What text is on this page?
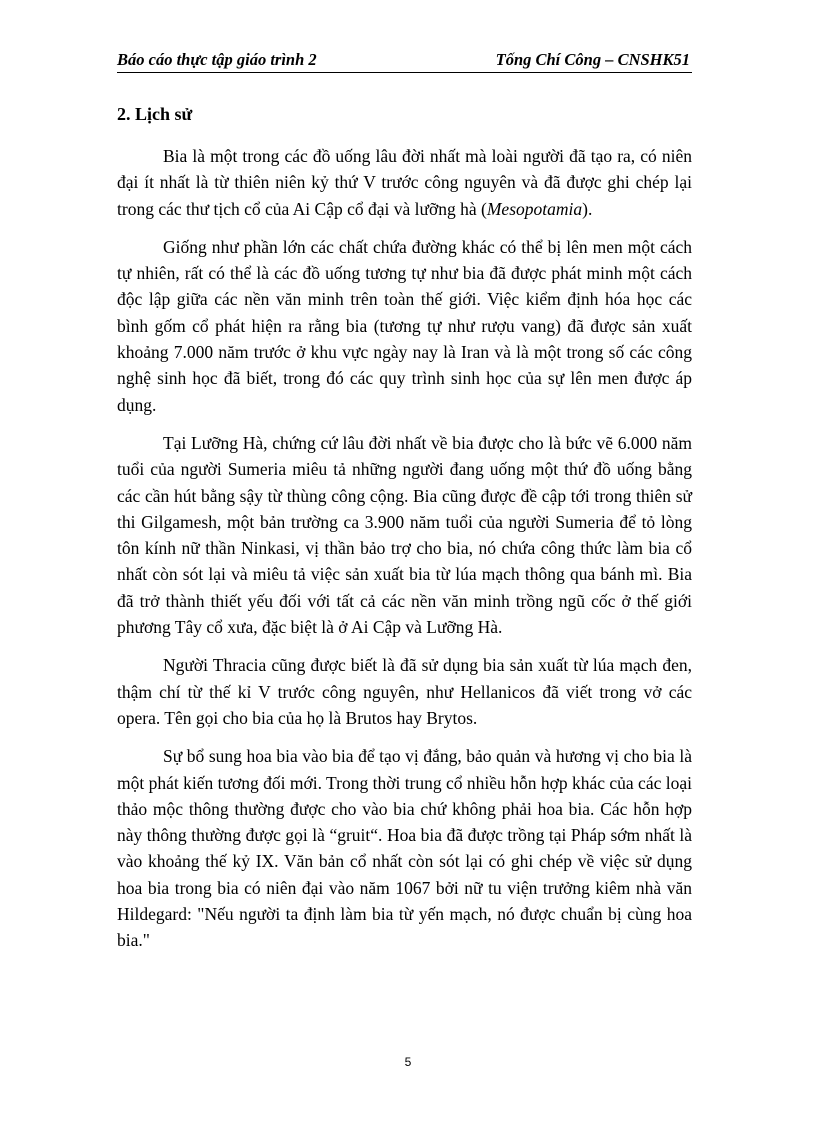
Báo cáo thực tập giáo trình 2	Tống Chí Công – CNSHK51
2. Lịch sử

Bia là một trong các đồ uống lâu đời nhất mà loài người đã tạo ra, có niên đại ít nhất là từ thiên niên kỷ thứ V trước công nguyên và đã được ghi chép lại trong các thư tịch cổ của Ai Cập cổ đại và lưỡng hà (Mesopotamia).

Giống như phần lớn các chất chứa đường khác có thể bị lên men một cách tự nhiên, rất có thể là các đồ uống tương tự như bia đã được phát minh một cách độc lập giữa các nền văn minh trên toàn thế giới. Việc kiểm định hóa học các bình gốm cổ phát hiện ra rằng bia (tương tự như rượu vang) đã được sản xuất khoảng 7.000 năm trước ở khu vực ngày nay là Iran và là một trong số các công nghệ sinh học đã biết, trong đó các quy trình sinh học của sự lên men được áp dụng.

Tại Lưỡng Hà, chứng cứ lâu đời nhất về bia được cho là bức vẽ 6.000 năm tuổi của người Sumeria miêu tả những người đang uống một thứ đồ uống bằng các cần hút bằng sậy từ thùng công cộng. Bia cũng được đề cập tới trong thiên sử thi Gilgamesh, một bản trường ca 3.900 năm tuổi của người Sumeria để tỏ lòng tôn kính nữ thần Ninkasi, vị thần bảo trợ cho bia, nó chứa công thức làm bia cổ nhất còn sót lại và miêu tả việc sản xuất bia từ lúa mạch thông qua bánh mì. Bia đã trở thành thiết yếu đối với tất cả các nền văn minh trồng ngũ cốc ở thế giới phương Tây cổ xưa, đặc biệt là ở Ai Cập và Lưỡng Hà.

Người Thracia cũng được biết là đã sử dụng bia sản xuất từ lúa mạch đen, thậm chí từ thế kỉ V trước công nguyên, như Hellanicos đã viết trong vở các opera. Tên gọi cho bia của họ là Brutos hay Brytos.

Sự bổ sung hoa bia vào bia để tạo vị đắng, bảo quản và hương vị cho bia là một phát kiến tương đối mới. Trong thời trung cổ nhiều hỗn hợp khác của các loại thảo mộc thông thường được cho vào bia chứ không phải hoa bia. Các hỗn hợp này thông thường được gọi là “gruit“. Hoa bia đã được trồng tại Pháp sớm nhất là vào khoảng thế kỷ IX. Văn bản cổ nhất còn sót lại có ghi chép về việc sử dụng hoa bia trong bia có niên đại vào năm 1067 bởi nữ tu viện trưởng kiêm nhà văn Hildegard: "Nếu người ta định làm bia từ yến mạch, nó được chuẩn bị cùng hoa bia."

5
